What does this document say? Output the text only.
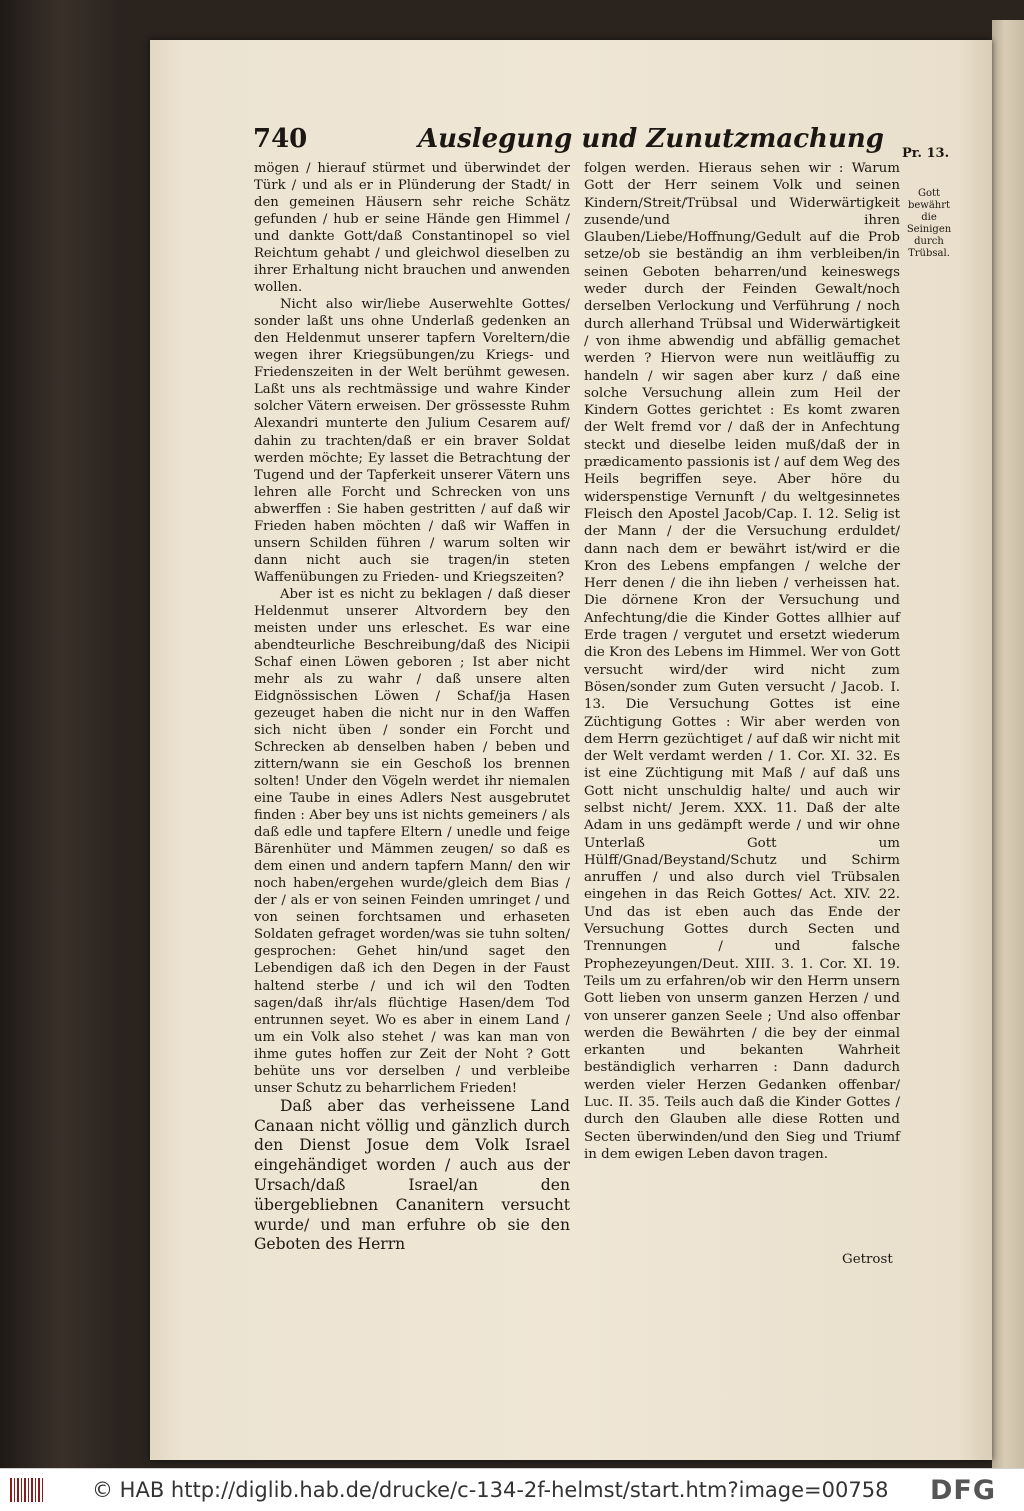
740	Auslegung und Zunutzmachung Pr. 13.

mögen / hierauf stürmet und überwindet der Türk / und als er in Plünderung der Stadt/ in den gemeinen Häusern sehr reiche Schätz gefunden / hub er seine Hände gen Himmel / und dankte Gott/daß Constantinopel so viel Reichtum gehabt / und gleichwol dieselben zu ihrer Erhaltung nicht brauchen und anwenden wollen.

Nicht also wir/liebe Auserwehlte Gottes/ sonder laßt uns ohne Underlaß gedenken an den Heldenmut unserer tapfern Voreltern/die wegen ihrer Kriegsübungen/zu Kriegs- und Friedenszeiten in der Welt berühmt gewesen. Laßt uns als rechtmässige und wahre Kinder solcher Vätern erweisen. Der grössesste Ruhm Alexandri munterte den Julium Cesarem auf/ dahin zu trachten/daß er ein braver Soldat werden möchte; Ey lasset die Betrachtung der Tugend und der Tapferkeit unserer Vätern uns lehren alle Forcht und Schrecken von uns abwerffen : Sie haben gestritten / auf daß wir Frieden haben möchten / daß wir Waffen in unsern Schilden führen / warum solten wir dann nicht auch sie tragen/in steten Waffenübungen zu Frieden- und Kriegszeiten?

Aber ist es nicht zu beklagen / daß dieser Heldenmut unserer Altvordern bey den meisten under uns erleschet. Es war eine abendteurliche Beschreibung/daß des Nicipii Schaf einen Löwen geboren ; Ist aber nicht mehr als zu wahr / daß unsere alten Eidgnössischen Löwen / Schaf/ja Hasen gezeuget haben die nicht nur in den Waffen sich nicht üben / sonder ein Forcht und Schrecken ab denselben haben / beben und zittern/wann sie ein Geschoß los brennen solten! Under den Vögeln werdet ihr niemalen eine Taube in eines Adlers Nest ausgebrutet finden : Aber bey uns ist nichts gemeiners / als daß edle und tapfere Eltern / unedle und feige Bärenhüter und Mämmen zeugen/ so daß es dem einen und andern tapfern Mann/ den wir noch haben/ergehen wurde/gleich dem Bias / der / als er von seinen Feinden umringet / und von seinen forchtsamen und erhaseten Soldaten gefraget worden/was sie tuhn solten/ gesprochen: Gehet hin/und saget den Lebendigen daß ich den Degen in der Faust haltend sterbe / und ich wil den Todten sagen/daß ihr/als flüchtige Hasen/dem Tod entrunnen seyet. Wo es aber in einem Land / um ein Volk also stehet / was kan man von ihme gutes hoffen zur Zeit der Noht ? Gott behüte uns vor derselben / und verbleibe unser Schutz zu beharrlichem Frieden!

Daß aber das verheissene Land Canaan nicht völlig und gänzlich durch den Dienst Josue dem Volk Israel eingehändiget worden / auch aus der Ursach/daß Israel/an den übergebliebnen Cananitern versucht wurde/ und man erfuhre ob sie den Geboten des Herrn

folgen werden. Hieraus sehen wir : Warum Gott der Herr seinem Volk und seinen Kindern/Streit/Trübsal und Widerwärtigkeit zusende/und ihren Glauben/Liebe/Hoffnung/Gedult auf die Prob setze/ob sie beständig an ihm verbleiben/in seinen Geboten beharren/und keineswegs weder durch der Feinden Gewalt/noch derselben Verlockung und Verführung / noch durch allerhand Trübsal und Widerwärtigkeit / von ihme abwendig und abfällig gemachet werden ? Hiervon were nun weitläuffig zu handeln / wir sagen aber kurz / daß eine solche Versuchung allein zum Heil der Kindern Gottes gerichtet : Es komt zwaren der Welt fremd vor / daß der in Anfechtung steckt und dieselbe leiden muß/daß der in prædicamento passionis ist / auf dem Weg des Heils begriffen seye. Aber höre du widerspenstige Vernunft / du weltgesinnetes Fleisch den Apostel Jacob/Cap. I. 12. Selig ist der Mann / der die Versuchung erduldet/ dann nach dem er bewährt ist/wird er die Kron des Lebens empfangen / welche der Herr denen / die ihn lieben / verheissen hat. Die dörnene Kron der Versuchung und Anfechtung/die die Kinder Gottes allhier auf Erde tragen / vergutet und ersetzt wiederum die Kron des Lebens im Himmel. Wer von Gott versucht wird/der wird nicht zum Bösen/sonder zum Guten versucht / Jacob. I. 13. Die Versuchung Gottes ist eine Züchtigung Gottes : Wir aber werden von dem Herrn gezüchtiget / auf daß wir nicht mit der Welt verdamt werden / 1. Cor. XI. 32. Es ist eine Züchtigung mit Maß / auf daß uns Gott nicht unschuldig halte/ und auch wir selbst nicht/ Jerem. XXX. 11. Daß der alte Adam in uns gedämpft werde / und wir ohne Unterlaß Gott um Hülff/Gnad/Beystand/Schutz und Schirm anruffen / und also durch viel Trübsalen eingehen in das Reich Gottes/ Act. XIV. 22. Und das ist eben auch das Ende der Versuchung Gottes durch Secten und Trennungen / und falsche Prophezeyungen/Deut. XIII. 3. 1. Cor. XI. 19. Teils um zu erfahren/ob wir den Herrn unsern Gott lieben von unserm ganzen Herzen / und von unserer ganzen Seele ; Und also offenbar werden die Bewährten / die bey der einmal erkanten und bekanten Wahrheit beständiglich verharren : Dann dadurch werden vieler Herzen Gedanken offenbar/ Luc. II. 35. Teils auch daß die Kinder Gottes / durch den Glauben alle diese Rotten und Secten überwinden/und den Sieg und Triumf in dem ewigen Leben davon tragen.

Gott bewährt die Seinigen durch Trübsal.
Getrost
© HAB http://diglib.hab.de/drucke/c-134-2f-helmst/start.htm?image=00758 DFG
